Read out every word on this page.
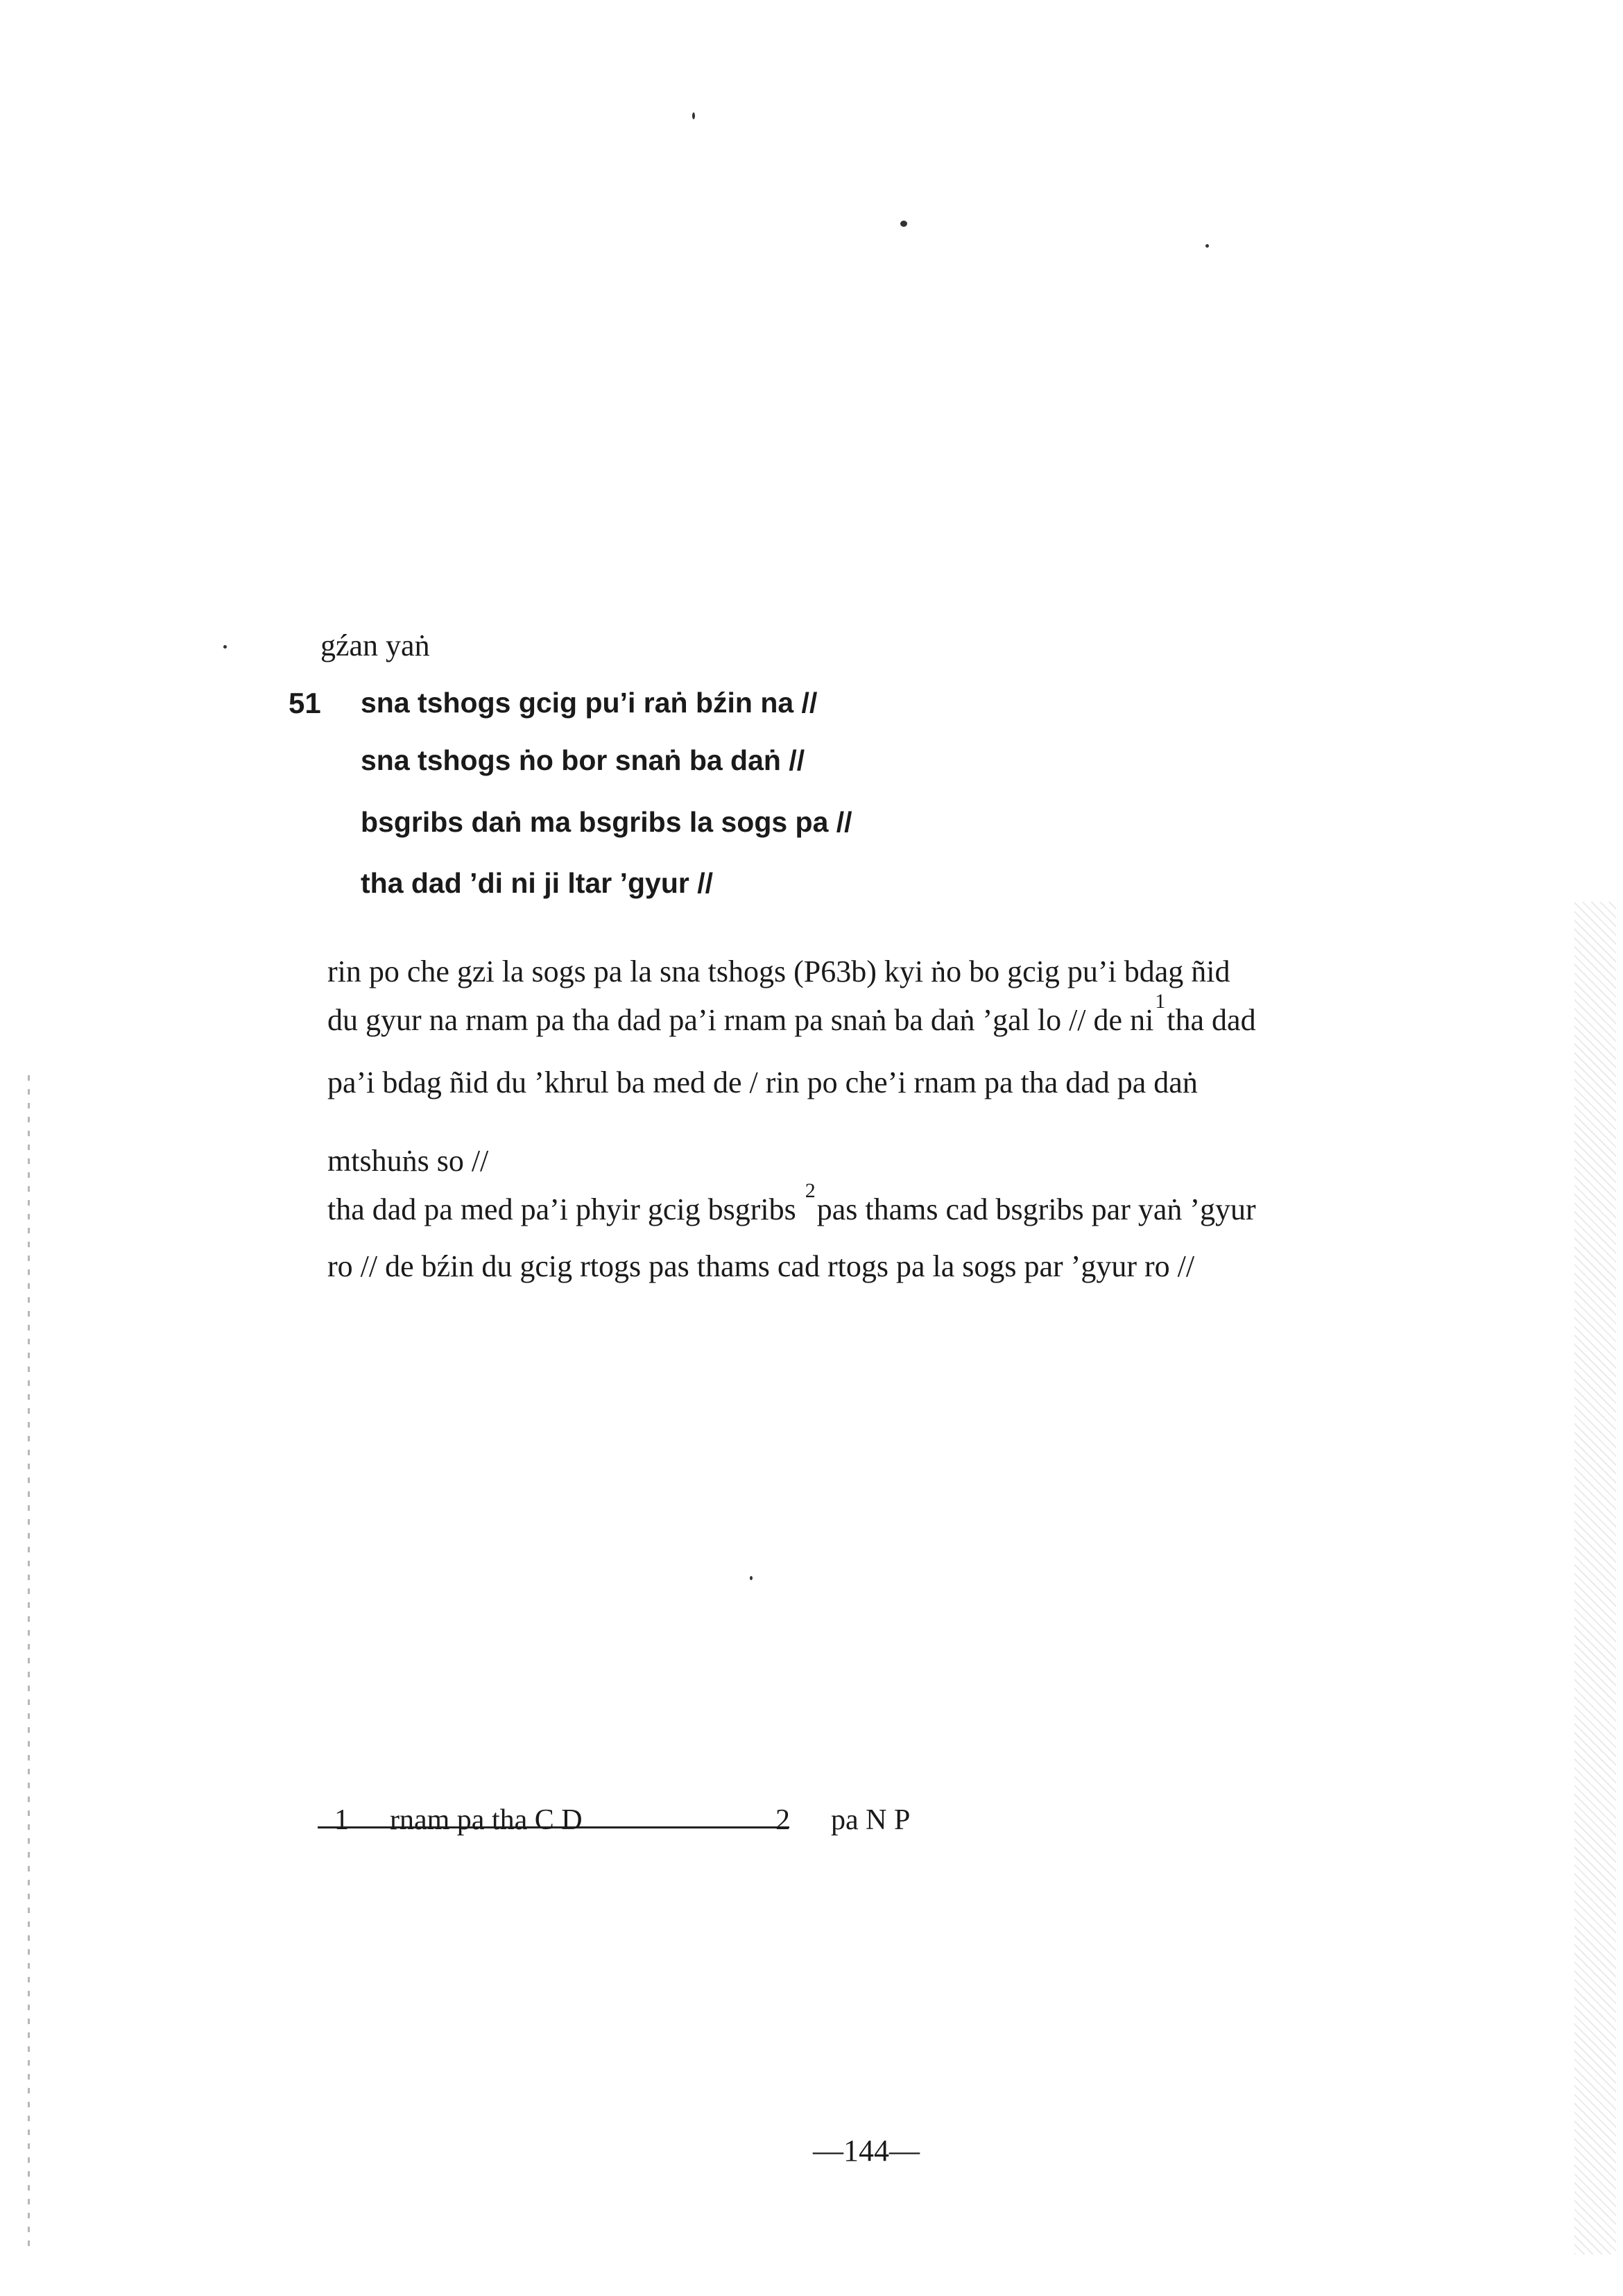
gźan yaṅ
51 sna tshogs gcig pu’i raṅ bźin na //
sna tshogs ṅo bor snaṅ ba daṅ //
bsgribs daṅ ma bsgribs la sogs pa //
tha dad ’di ni ji ltar ’gyur //
rin po che gzi la sogs pa la sna tshogs (P63b) kyi ṅo bo gcig pu’i bdag ñid
du gyur na rnam pa tha dad pa’i rnam pa snaṅ ba daṅ ’gal lo // de $ni^1tha$ dad
pa’i bdag ñid du ’khrul ba med de / rin po che’i rnam pa tha dad pa daṅ
mtshuṅs so //
tha dad pa med pa’i phyir gcig bsgribs $^2$pas thams cad bsgribs par yaṅ ’gyur
ro // de bźin du gcig rtogs pas thams cad rtogs pa la sogs par ’gyur ro //
1 rnam pa tha C D	2 pa N P
—144—
